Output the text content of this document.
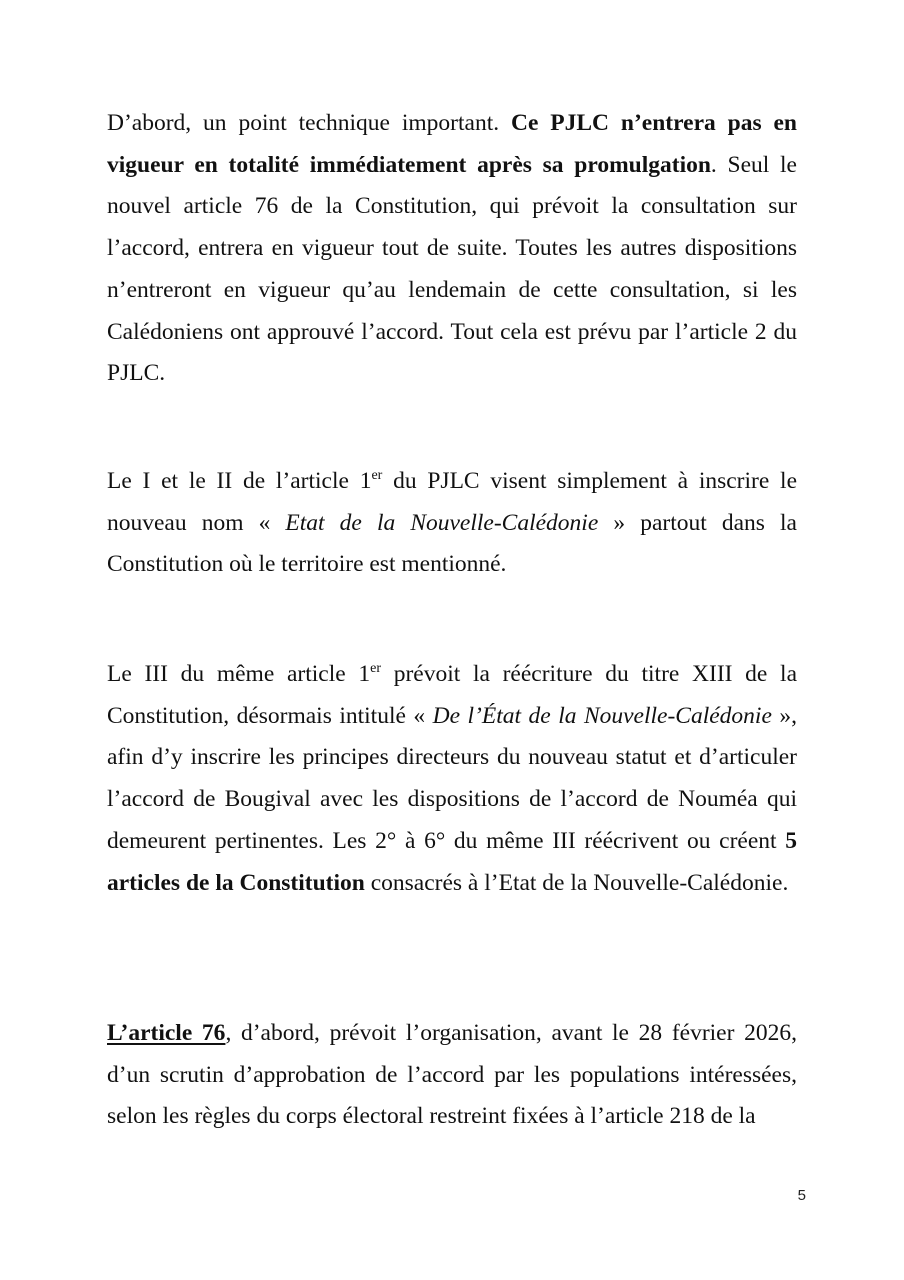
D’abord, un point technique important. Ce PJLC n’entrera pas en vigueur en totalité immédiatement après sa promulgation. Seul le nouvel article 76 de la Constitution, qui prévoit la consultation sur l’accord, entrera en vigueur tout de suite. Toutes les autres dispositions n’entreront en vigueur qu’au lendemain de cette consultation, si les Calédoniens ont approuvé l’accord. Tout cela est prévu par l’article 2 du PJLC.

Le I et le II de l’article 1er du PJLC visent simplement à inscrire le nouveau nom « Etat de la Nouvelle-Calédonie » partout dans la Constitution où le territoire est mentionné.

Le III du même article 1er prévoit la réécriture du titre XIII de la Constitution, désormais intitulé « De l’État de la Nouvelle-Calédonie », afin d’y inscrire les principes directeurs du nouveau statut et d’articuler l’accord de Bougival avec les dispositions de l’accord de Nouméa qui demeurent pertinentes. Les 2° à 6° du même III réécrivent ou créent 5 articles de la Constitution consacrés à l’Etat de la Nouvelle-Calédonie.

L’article 76, d’abord, prévoit l’organisation, avant le 28 février 2026, d’un scrutin d’approbation de l’accord par les populations intéressées, selon les règles du corps électoral restreint fixées à l’article 218 de la

5
